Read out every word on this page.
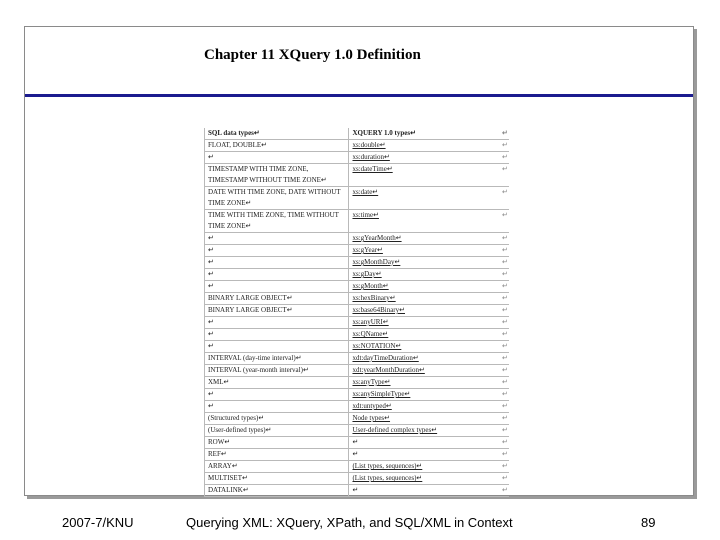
Chapter 11 XQuery 1.0 Definition
SQL data types↵	XQUERY 1.0 types↵	↵
FLOAT, DOUBLE↵	xs:double↵	↵
↵	xs:duration↵	↵
TIMESTAMP WITH TIME ZONE, TIMESTAMP WITHOUT TIME ZONE↵	xs:dateTime↵	↵
DATE WITH TIME ZONE, DATE WITHOUT TIME ZONE↵	xs:date↵	↵
TIME WITH TIME ZONE, TIME WITHOUT TIME ZONE↵	xs:time↵	↵
↵	xs:gYearMonth↵	↵
↵	xs:gYear↵	↵
↵	xs:gMonthDay↵	↵
↵	xs:gDay↵	↵
↵	xs:gMonth↵	↵
BINARY LARGE OBJECT↵	xs:hexBinary↵	↵
BINARY LARGE OBJECT↵	xs:base64Binary↵	↵
↵	xs:anyURI↵	↵
↵	xs:QName↵	↵
↵	xs:NOTATION↵	↵
INTERVAL (day-time interval)↵	xdt:dayTimeDuration↵	↵
INTERVAL (year-month interval)↵	xdt:yearMonthDuration↵	↵
XML↵	xs:anyType↵	↵
↵	xs:anySimpleType↵	↵
↵	xdt:untyped↵	↵
(Structured types)↵	Node types↵	↵
(User-defined types)↵	User-defined complex types↵	↵
ROW↵	↵	↵
REF↵	↵	↵
ARRAY↵	(List types, sequences)↵	↵
MULTISET↵	(List types, sequences)↵	↵
DATALINK↵	↵	↵
2007-7/KNU	Querying XML: XQuery, XPath, and SQL/XML in Context	89
